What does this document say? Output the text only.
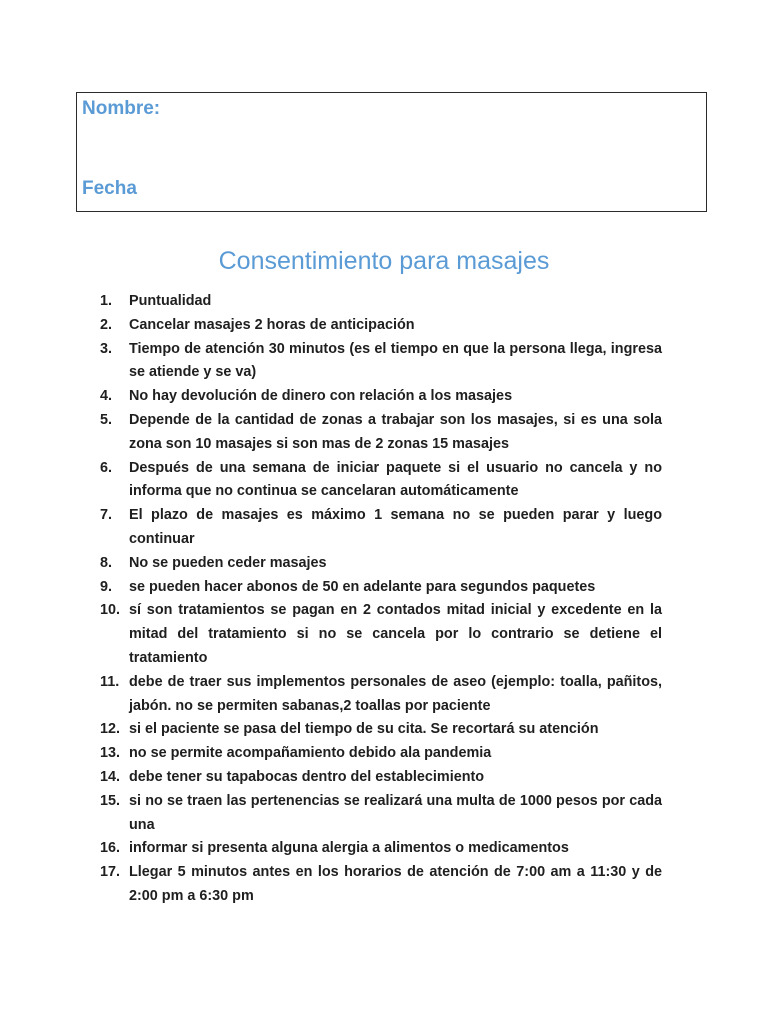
Nombre:

Fecha

Consentimiento para masajes
1. Puntualidad
2. Cancelar masajes 2 horas de anticipación
3. Tiempo de atención 30 minutos (es el tiempo en que la persona llega, ingresa se atiende y se va)
4. No hay devolución de dinero con relación a los masajes
5. Depende de la cantidad de zonas a trabajar son los masajes, si es una sola zona son 10 masajes si son mas de 2 zonas 15 masajes
6. Después de una semana de iniciar paquete si el usuario no cancela y no informa que no continua se cancelaran automáticamente
7. El plazo de masajes es máximo 1 semana no se pueden parar y luego continuar
8. No se pueden ceder masajes
9. se pueden hacer abonos de 50 en adelante para segundos paquetes
10. sí son tratamientos se pagan en 2 contados mitad inicial y excedente en la mitad del tratamiento si no se cancela por lo contrario se detiene el tratamiento
11. debe de traer sus implementos personales de aseo (ejemplo: toalla, pañitos, jabón. no se permiten sabanas,2 toallas por paciente
12. si el paciente se pasa del tiempo de su cita. Se recortará su atención
13. no se permite acompañamiento debido ala pandemia
14. debe tener su tapabocas dentro del establecimiento
15. si no se traen las pertenencias se realizará una multa de 1000 pesos por cada una
16. informar si presenta alguna alergia a alimentos o medicamentos
17. Llegar 5 minutos antes en los horarios de atención de 7:00 am a 11:30 y de 2:00 pm a 6:30 pm
